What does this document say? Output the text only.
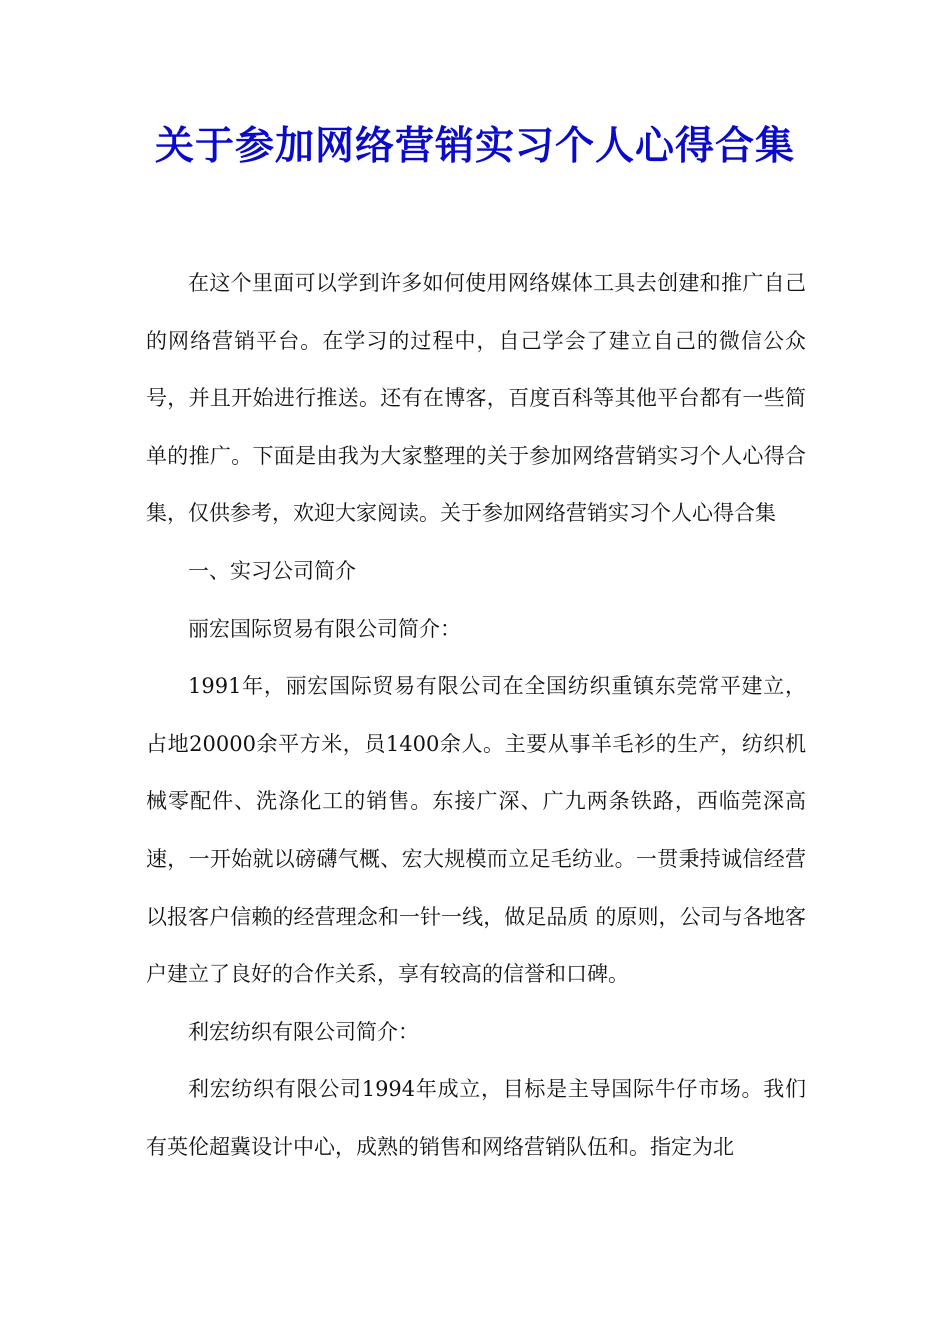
关于参加网络营销实习个人心得合集

在这个里面可以学到许多如何使用网络媒体工具去创建和推广自己的网络营销平台。在学习的过程中，自己学会了建立自己的微信公众号，并且开始进行推送。还有在博客，百度百科等其他平台都有一些简单的推广。下面是由我为大家整理的关于参加网络营销实习个人心得合集，仅供参考，欢迎大家阅读。关于参加网络营销实习个人心得合集

一、实习公司简介

丽宏国际贸易有限公司简介：

1991年，丽宏国际贸易有限公司在全国纺织重镇东莞常平建立，占地20000余平方米，员1400余人。主要从事羊毛衫的生产，纺织机械零配件、洗涤化工的销售。东接广深、广九两条铁路，西临莞深高速，一开始就以磅礴气概、宏大规模而立足毛纺业。一贯秉持诚信经营以报客户信赖的经营理念和一针一线，做足品质 的原则，公司与各地客户建立了良好的合作关系，享有较高的信誉和口碑。

利宏纺织有限公司简介：

利宏纺织有限公司1994年成立，目标是主导国际牛仔市场。我们有英伦超冀设计中心，成熟的销售和网络营销队伍和。指定为北
